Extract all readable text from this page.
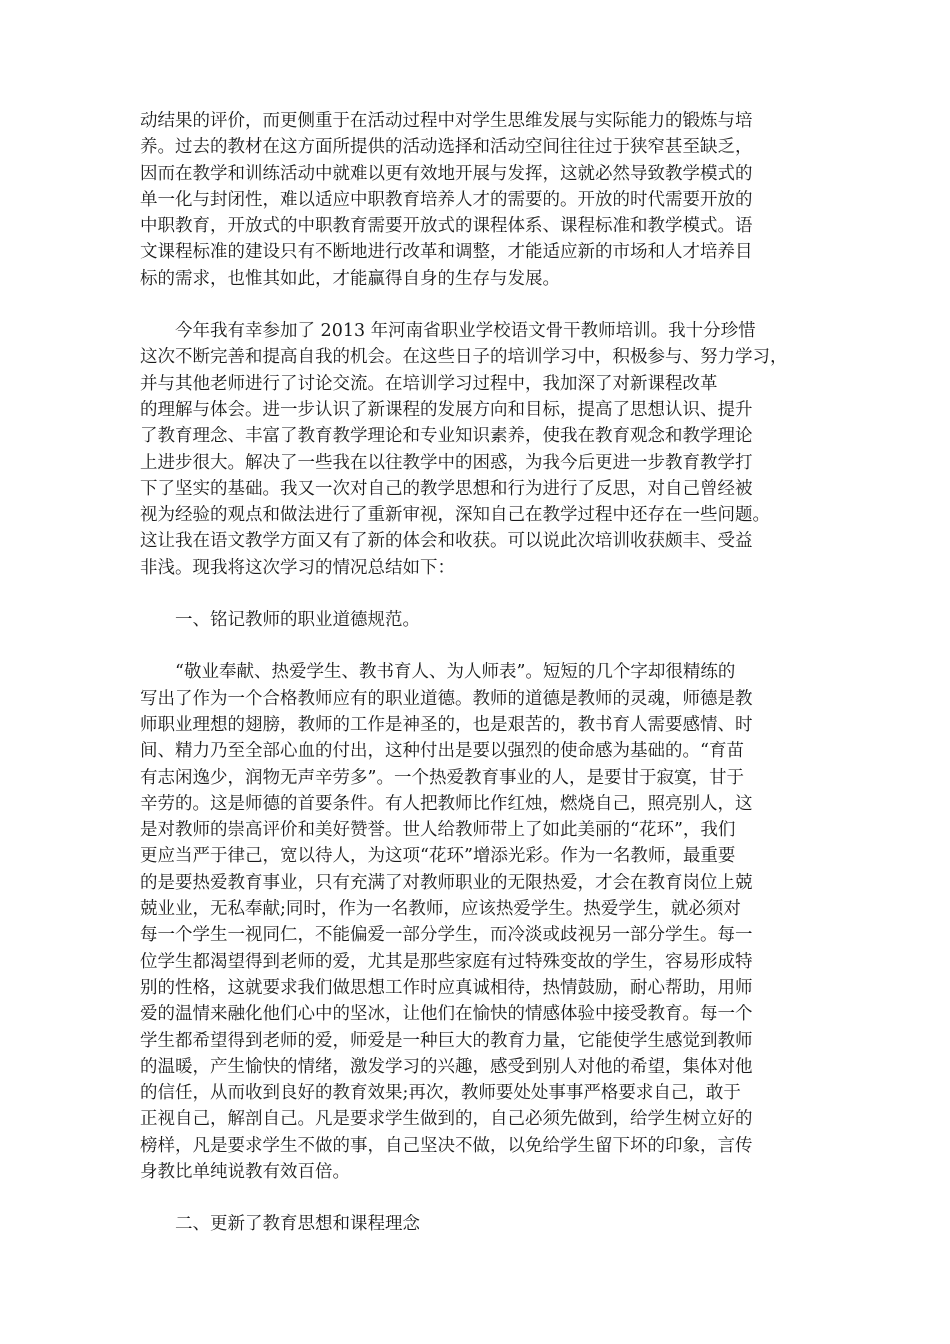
动结果的评价，而更侧重于在活动过程中对学生思维发展与实际能力的锻炼与培
养。过去的教材在这方面所提供的活动选择和活动空间往往过于狭窄甚至缺乏，
因而在教学和训练活动中就难以更有效地开展与发挥，这就必然导致教学模式的
单一化与封闭性，难以适应中职教育培养人才的需要的。开放的时代需要开放的
中职教育，开放式的中职教育需要开放式的课程体系、课程标准和教学模式。语
文课程标准的建设只有不断地进行改革和调整，才能适应新的市场和人才培养目
标的需求，也惟其如此，才能赢得自身的生存与发展。
　　今年我有幸参加了 2013 年河南省职业学校语文骨干教师培训。我十分珍惜
这次不断完善和提高自我的机会。在这些日子的培训学习中，积极参与、努力学习，
并与其他老师进行了讨论交流。在培训学习过程中，我加深了对新课程改革
的理解与体会。进一步认识了新课程的发展方向和目标，提高了思想认识、提升
了教育理念、丰富了教育教学理论和专业知识素养，使我在教育观念和教学理论
上进步很大。解决了一些我在以往教学中的困惑，为我今后更进一步教育教学打
下了坚实的基础。我又一次对自己的教学思想和行为进行了反思，对自己曾经被
视为经验的观点和做法进行了重新审视，深知自己在教学过程中还存在一些问题。
这让我在语文教学方面又有了新的体会和收获。可以说此次培训收获颇丰、受益
非浅。现我将这次学习的情况总结如下：
一、铭记教师的职业道德规范。
　　“敬业奉献、热爱学生、教书育人、为人师表”。短短的几个字却很精练的
写出了作为一个合格教师应有的职业道德。教师的道德是教师的灵魂，师德是教
师职业理想的翅膀，教师的工作是神圣的，也是艰苦的，教书育人需要感情、时
间、精力乃至全部心血的付出，这种付出是要以强烈的使命感为基础的。“育苗
有志闲逸少，润物无声辛劳多”。一个热爱教育事业的人，是要甘于寂寞，甘于
辛劳的。这是师德的首要条件。有人把教师比作红烛，燃烧自己，照亮别人，这
是对教师的崇高评价和美好赞誉。世人给教师带上了如此美丽的“花环”，我们
更应当严于律己，宽以待人，为这项“花环”增添光彩。作为一名教师，最重要
的是要热爱教育事业，只有充满了对教师职业的无限热爱，才会在教育岗位上兢
兢业业，无私奉献;同时，作为一名教师，应该热爱学生。热爱学生，就必须对
每一个学生一视同仁，不能偏爱一部分学生，而冷淡或歧视另一部分学生。每一
位学生都渴望得到老师的爱，尤其是那些家庭有过特殊变故的学生，容易形成特
别的性格，这就要求我们做思想工作时应真诚相待，热情鼓励，耐心帮助，用师
爱的温情来融化他们心中的坚冰，让他们在愉快的情感体验中接受教育。每一个
学生都希望得到老师的爱，师爱是一种巨大的教育力量，它能使学生感觉到教师
的温暖，产生愉快的情绪，激发学习的兴趣，感受到别人对他的希望，集体对他
的信任，从而收到良好的教育效果;再次，教师要处处事事严格要求自己，敢于
正视自己，解剖自己。凡是要求学生做到的，自己必须先做到，给学生树立好的
榜样，凡是要求学生不做的事，自己坚决不做，以免给学生留下坏的印象，言传
身教比单纯说教有效百倍。
二、更新了教育思想和课程理念
